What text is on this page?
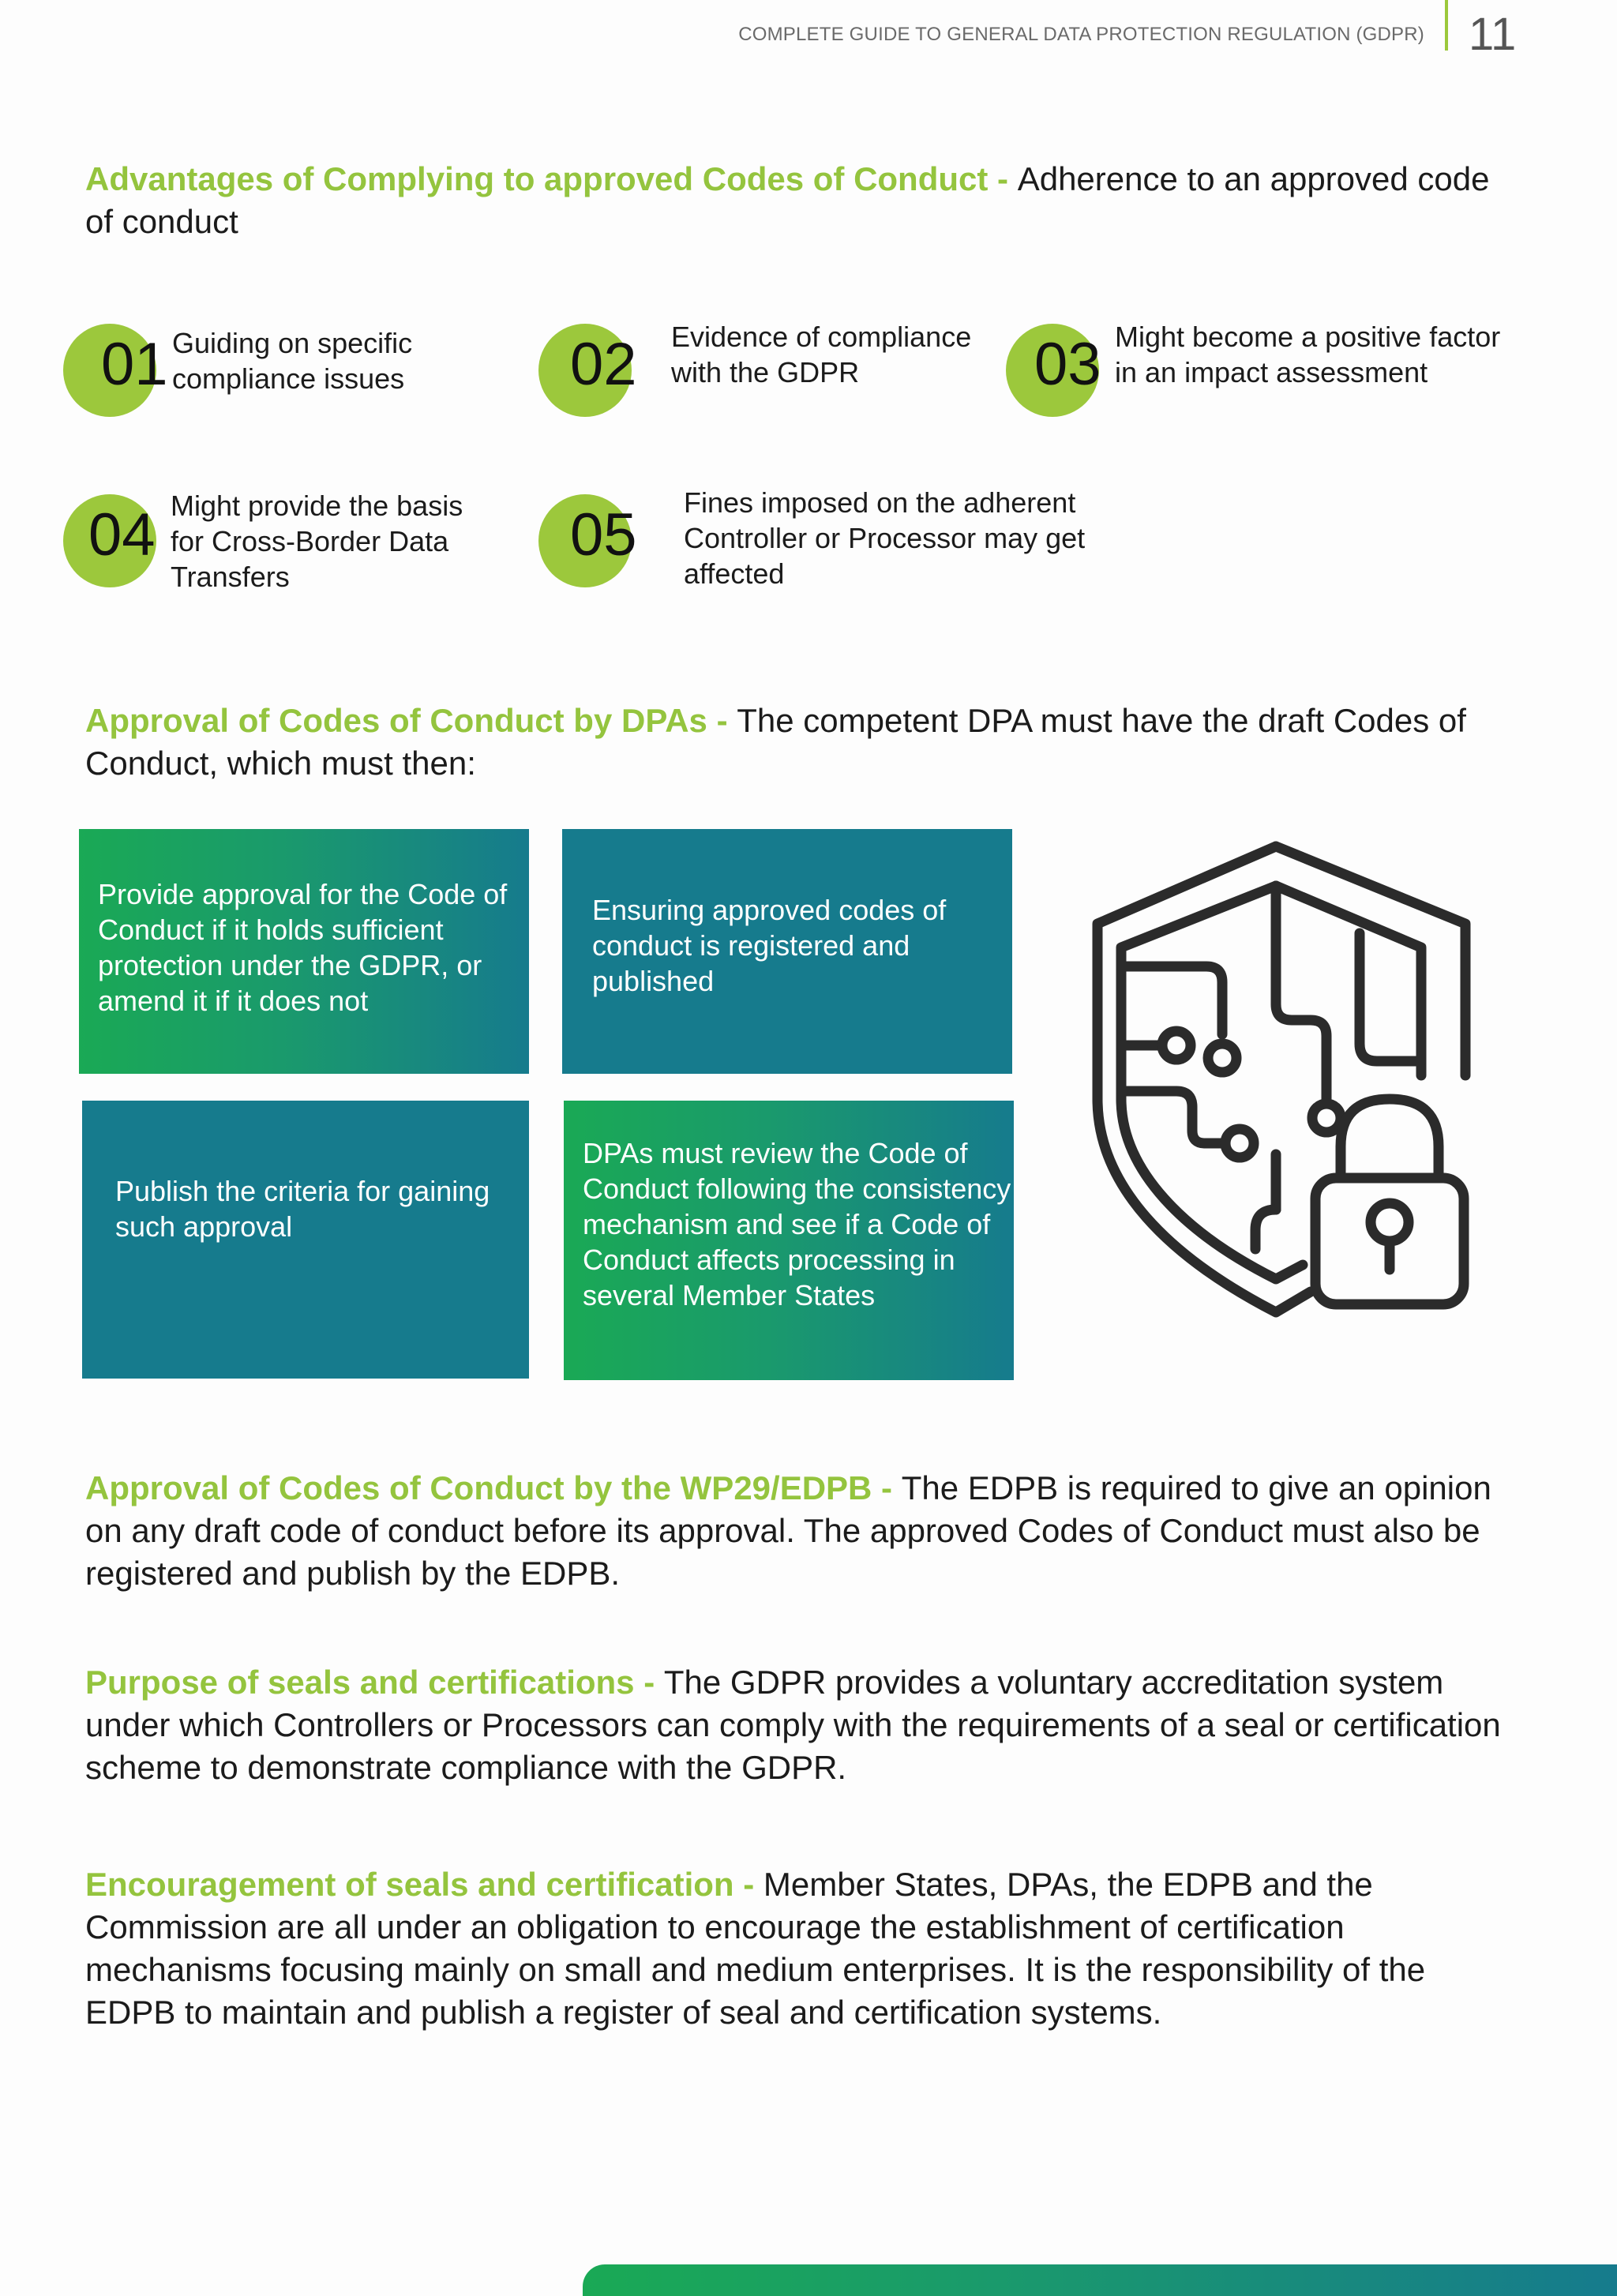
COMPLETE GUIDE TO GENERAL DATA PROTECTION REGULATION (GDPR) 11
Advantages of Complying to approved Codes of Conduct - Adherence to an approved code of conduct
01 Guiding on specific compliance issues	02 Evidence of compliance with the GDPR	03 Might become a positive factor in an impact assessment
04 Might provide the basis for Cross-Border Data Transfers
05 Fines imposed on the adherent Controller or Processor may get affected
Approval of Codes of Conduct by DPAs - The competent DPA must have the draft Codes of Conduct, which must then:
Provide approval for the Code of Conduct if it holds sufficient protection under the GDPR, or amend it if it does not
Ensuring approved codes of conduct is registered and published
Publish the criteria for gaining such approval
DPAs must review the Code of Conduct following the consistency mechanism and see if a Code of Conduct affects processing in several Member States
Approval of Codes of Conduct by the WP29/EDPB - The EDPB is required to give an opinion on any draft code of conduct before its approval. The approved Codes of Conduct must also be registered and publish by the EDPB.
Purpose of seals and certifications - The GDPR provides a voluntary accreditation system under which Controllers or Processors can comply with the requirements of a seal or certification scheme to demonstrate compliance with the GDPR.
Encouragement of seals and certification - Member States, DPAs, the EDPB and the Commission are all under an obligation to encourage the establishment of certification mechanisms focusing mainly on small and medium enterprises. It is the responsibility of the EDPB to maintain and publish a register of seal and certification systems.
